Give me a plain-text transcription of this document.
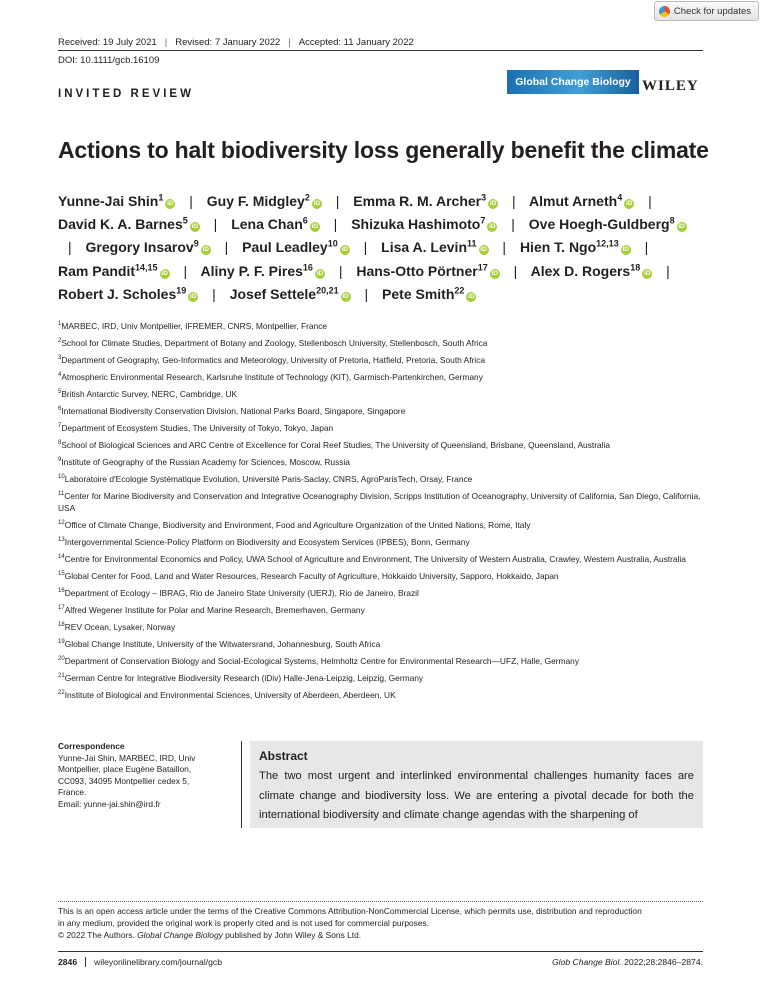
Check for updates
Received: 19 July 2021 | Revised: 7 January 2022 | Accepted: 11 January 2022
DOI: 10.1111/gcb.16109
Global Change Biology WILEY
INVITED REVIEW
Actions to halt biodiversity loss generally benefit the climate
Yunne-Jai Shin$^1$iD | Guy F. Midgley$^2$iD | Emma R. M. Archer$^3$iD | Almut Arneth$^4$iD | David K. A. Barnes$^5$iD | Lena Chan$^6$iD | Shizuka Hashimoto$^7$iD | Ove Hoegh-Guldberg$^8$iD | Gregory Insarov$^9$iD | Paul Leadley$^{10}$iD | Lisa A. Levin$^{11}$iD | Hien T. Ngo$^{12,13}$iD | Ram Pandit$^{14,15}$iD | Aliny P. F. Pires$^{16}$iD | Hans-Otto Pörtner$^{17}$iD | Alex D. Rogers$^{18}$iD | Robert J. Scholes$^{19}$iD | Josef Settele$^{20,21}$iD | Pete Smith$^{22}$iD
$^1$MARBEC, IRD, Univ Montpellier, IFREMER, CNRS, Montpellier, France
$^2$School for Climate Studies, Department of Botany and Zoology, Stellenbosch University, Stellenbosch, South Africa
$^3$Department of Geography, Geo-Informatics and Meteorology, University of Pretoria, Hatfield, Pretoria, South Africa
$^4$Atmospheric Environmental Research, Karlsruhe Institute of Technology (KIT), Garmisch-Partenkirchen, Germany
$^5$British Antarctic Survey, NERC, Cambridge, UK
$^6$International Biodiversity Conservation Division, National Parks Board, Singapore, Singapore
$^7$Department of Ecosystem Studies, The University of Tokyo, Tokyo, Japan
$^8$School of Biological Sciences and ARC Centre of Excellence for Coral Reef Studies, The University of Queensland, Brisbane, Queensland, Australia
$^9$Institute of Geography of the Russian Academy for Sciences, Moscow, Russia
$^{10}$Laboratoire d'Ecologie Systématique Evolution, Université Paris-Saclay, CNRS, AgroParisTech, Orsay, France
$^{11}$Center for Marine Biodiversity and Conservation and Integrative Oceanography Division, Scripps Institution of Oceanography, University of California, San Diego, California, USA
$^{12}$Office of Climate Change, Biodiversity and Environment, Food and Agriculture Organization of the United Nations, Rome, Italy
$^{13}$Intergovernmental Science-Policy Platform on Biodiversity and Ecosystem Services (IPBES), Bonn, Germany
$^{14}$Centre for Environmental Economics and Policy, UWA School of Agriculture and Environment, The University of Western Australia, Crawley, Western Australia, Australia
$^{15}$Global Center for Food, Land and Water Resources, Research Faculty of Agriculture, Hokkaido University, Sapporo, Hokkaido, Japan
$^{16}$Department of Ecology – IBRAG, Rio de Janeiro State University (UERJ), Rio de Janeiro, Brazil
$^{17}$Alfred Wegener Institute for Polar and Marine Research, Bremerhaven, Germany
$^{18}$REV Ocean, Lysaker, Norway
$^{19}$Global Change Institute, University of the Witwatersrand, Johannesburg, South Africa
$^{20}$Department of Conservation Biology and Social-Ecological Systems, Helmholtz Centre for Environmental Research—UFZ, Halle, Germany
$^{21}$German Centre for Integrative Biodiversity Research (iDiv) Halle-Jena-Leipzig, Leipzig, Germany
$^{22}$Institute of Biological and Environmental Sciences, University of Aberdeen, Aberdeen, UK
Correspondence
Yunne-Jai Shin, MARBEC, IRD, Univ
Montpellier, place Eugène Bataillon,
CC093, 34095 Montpellier cedex 5,
France.
Email: yunne-jai.shin@ird.fr
Abstract
The two most urgent and interlinked environmental challenges humanity faces are climate change and biodiversity loss. We are entering a pivotal decade for both the international biodiversity and climate change agendas with the sharpening of
This is an open access article under the terms of the Creative Commons Attribution-NonCommercial License, which permits use, distribution and reproduction
in any medium, provided the original work is properly cited and is not used for commercial purposes.
© 2022 The Authors. Global Change Biology published by John Wiley & Sons Ltd.
2846 wileyonlinelibrary.com/journal/gcb	Glob Change Biol. 2022;28:2846–2874.
